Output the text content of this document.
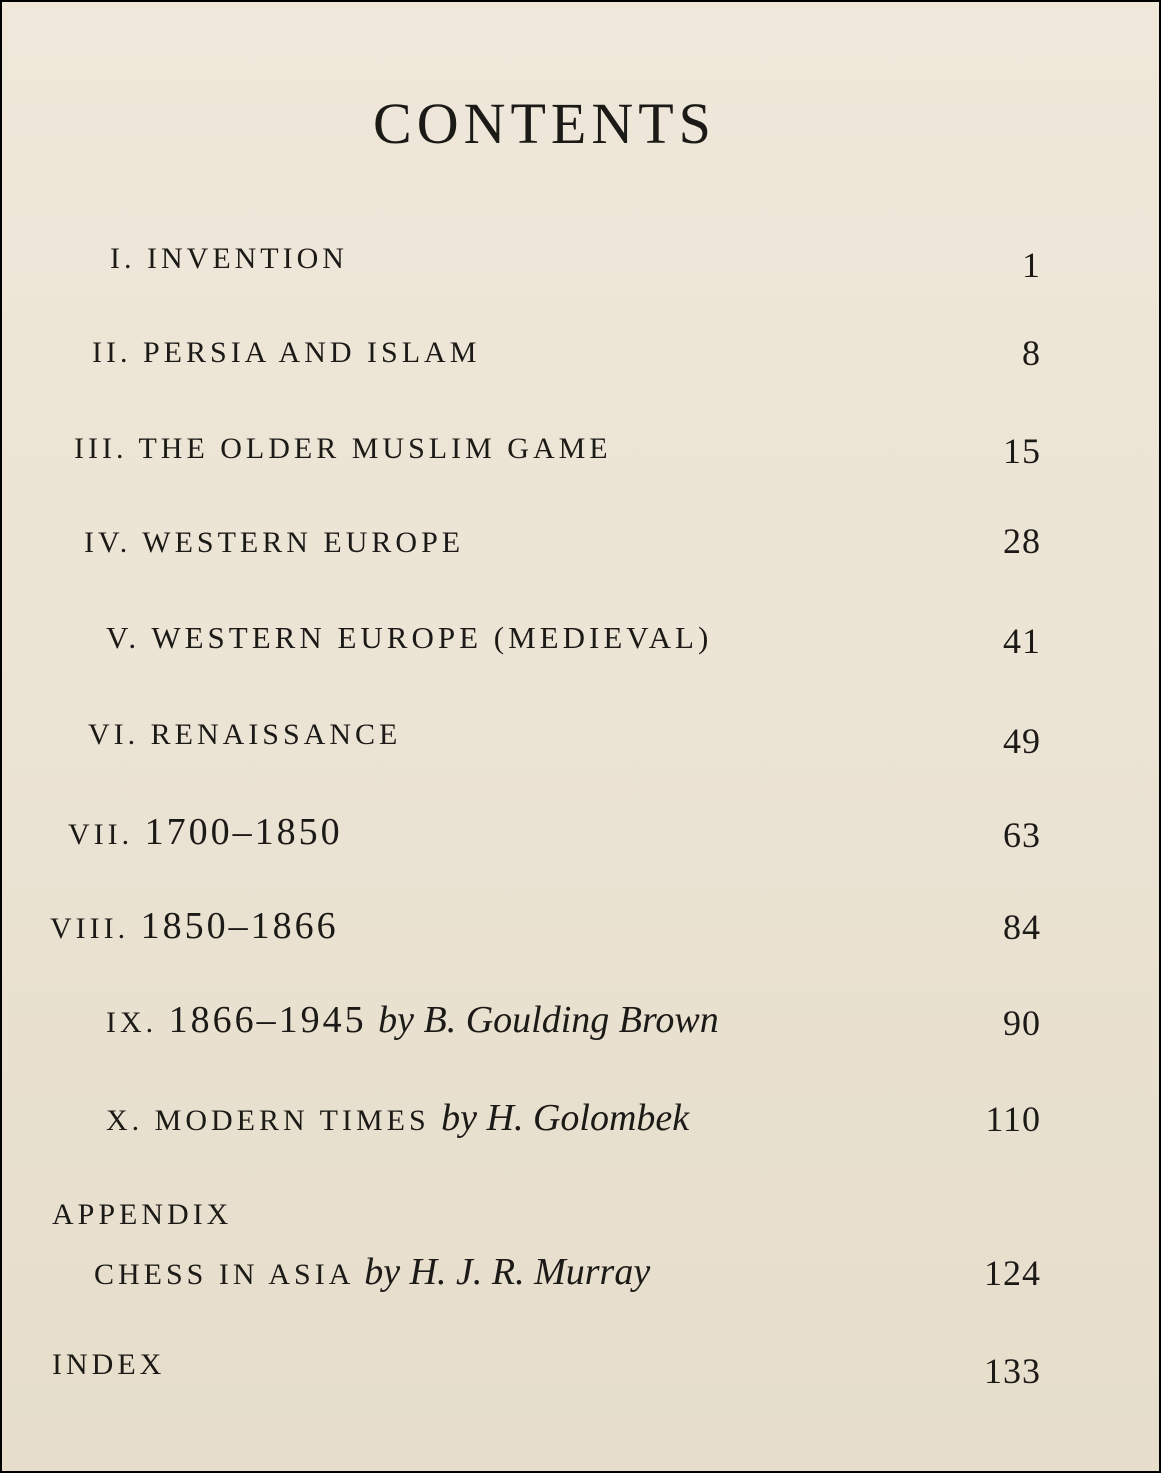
CONTENTS
I. INVENTION	1
II. PERSIA AND ISLAM	8
III. THE OLDER MUSLIM GAME	15
IV. WESTERN EUROPE	28
V. WESTERN EUROPE (MEDIEVAL)	41
VI. RENAISSANCE	49
VII. 1700–1850	63
VIII. 1850–1866	84
IX. 1866–1945 by B. Goulding Brown	90
X. MODERN TIMES by H. Golombek	110
APPENDIX
CHESS IN ASIA by H. J. R. Murray	124
INDEX	133
